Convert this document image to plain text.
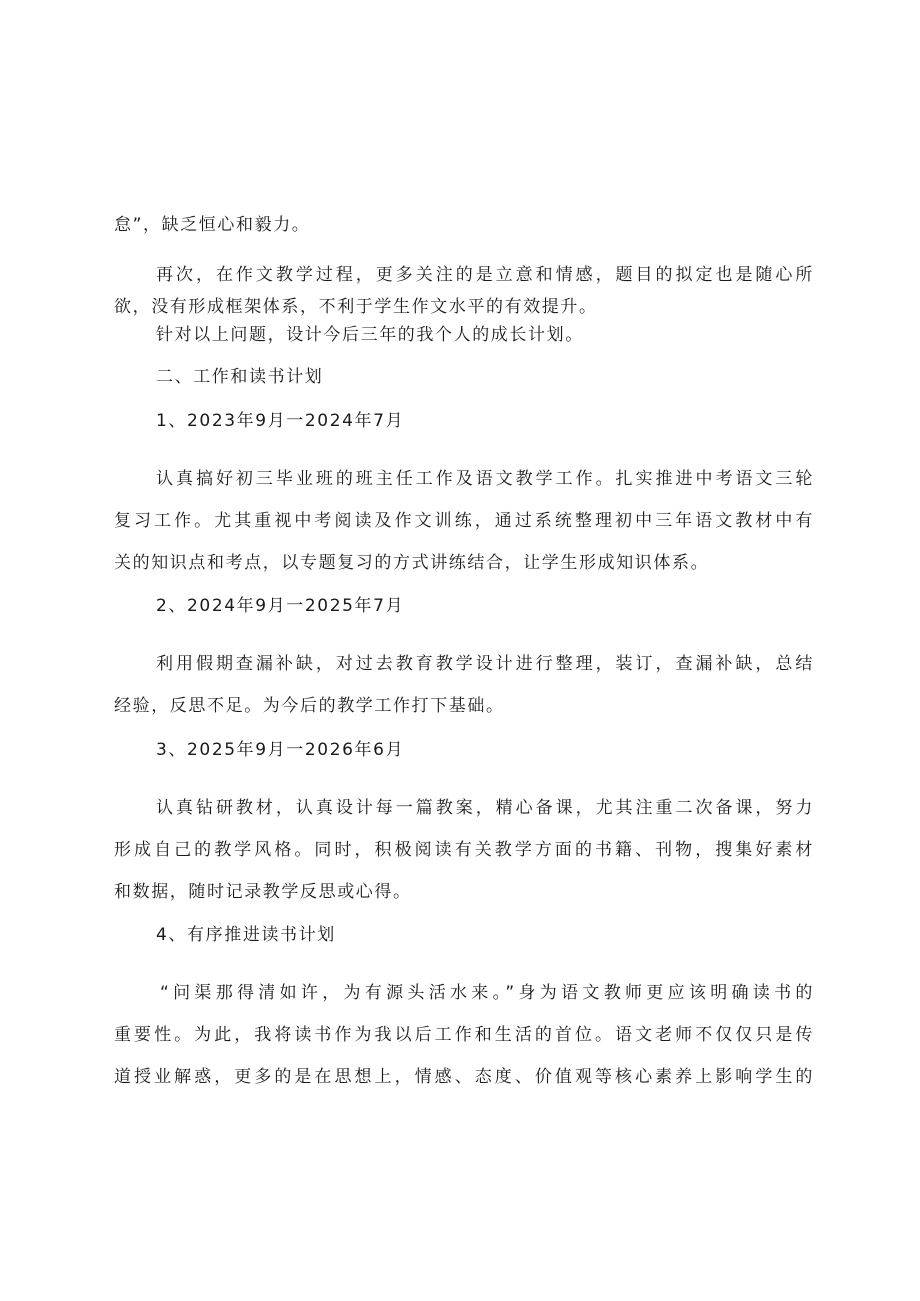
怠”，缺乏恒心和毅力。
再次，在作文教学过程，更多关注的是立意和情感，题目的拟定也是随心所
欲，没有形成框架体系，不利于学生作文水平的有效提升。
针对以上问题，设计今后三年的我个人的成长计划。
二、工作和读书计划
1、2023年9月一2024年7月
认真搞好初三毕业班的班主任工作及语文教学工作。扎实推进中考语文三轮
复习工作。尤其重视中考阅读及作文训练，通过系统整理初中三年语文教材中有
关的知识点和考点，以专题复习的方式讲练结合，让学生形成知识体系。
2、2024年9月一2025年7月
利用假期查漏补缺，对过去教育教学设计进行整理，装订，查漏补缺，总结
经验，反思不足。为今后的教学工作打下基础。
3、2025年9月一2026年6月
认真钻研教材，认真设计每一篇教案，精心备课，尤其注重二次备课，努力
形成自己的教学风格。同时，积极阅读有关教学方面的书籍、刊物，搜集好素材
和数据，随时记录教学反思或心得。
4、有序推进读书计划
“问渠那得清如许，为有源头活水来。”身为语文教师更应该明确读书的
重要性。为此，我将读书作为我以后工作和生活的首位。语文老师不仅仅只是传
道授业解惑，更多的是在思想上，情感、态度、价值观等核心素养上影响学生的
